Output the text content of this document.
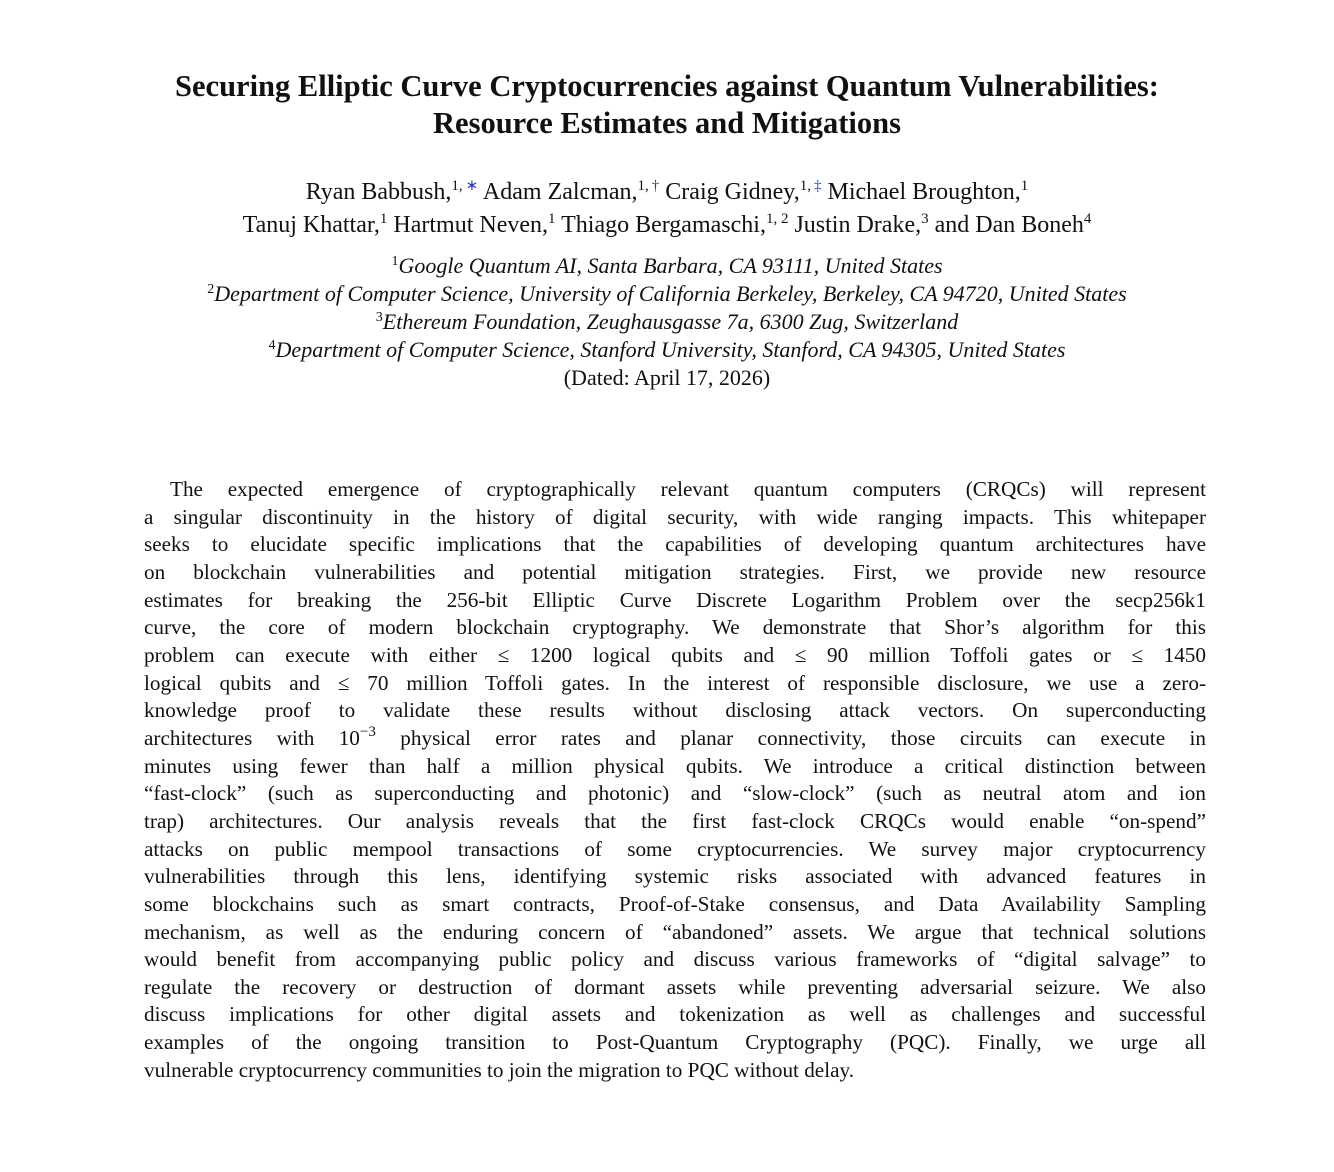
Securing Elliptic Curve Cryptocurrencies against Quantum Vulnerabilities:
Resource Estimates and Mitigations
Ryan Babbush,$^{1, ∗}$ Adam Zalcman,$^{1, \dagger}$ Craig Gidney,$^{1, \ddagger}$ Michael Broughton,$^1$
Tanuj Khattar,$^1$ Hartmut Neven,$^1$ Thiago Bergamaschi,$^{1, 2}$ Justin Drake,$^3$ and Dan Boneh$^4$
$^1$Google Quantum AI, Santa Barbara, CA 93111, United States
$^2$Department of Computer Science, University of California Berkeley, Berkeley, CA 94720, United States
$^3$Ethereum Foundation, Zeughausgasse 7a, 6300 Zug, Switzerland
$^4$Department of Computer Science, Stanford University, Stanford, CA 94305, United States
(Dated: April 17, 2026)
The expected emergence of cryptographically relevant quantum computers (CRQCs) will represent
a singular discontinuity in the history of digital security, with wide ranging impacts. This whitepaper
seeks to elucidate specific implications that the capabilities of developing quantum architectures have
on blockchain vulnerabilities and potential mitigation strategies. First, we provide new resource
estimates for breaking the 256-bit Elliptic Curve Discrete Logarithm Problem over the secp256k1
curve, the core of modern blockchain cryptography. We demonstrate that Shor’s algorithm for this
problem can execute with either ≤ 1200 logical qubits and ≤ 90 million Toffoli gates or ≤ 1450
logical qubits and ≤ 70 million Toffoli gates. In the interest of responsible disclosure, we use a zero-
knowledge proof to validate these results without disclosing attack vectors. On superconducting
architectures with $10^{-3}$ physical error rates and planar connectivity, those circuits can execute in
minutes using fewer than half a million physical qubits. We introduce a critical distinction between
“fast-clock” (such as superconducting and photonic) and “slow-clock” (such as neutral atom and ion
trap) architectures. Our analysis reveals that the first fast-clock CRQCs would enable “on-spend”
attacks on public mempool transactions of some cryptocurrencies. We survey major cryptocurrency
vulnerabilities through this lens, identifying systemic risks associated with advanced features in
some blockchains such as smart contracts, Proof-of-Stake consensus, and Data Availability Sampling
mechanism, as well as the enduring concern of “abandoned” assets. We argue that technical solutions
would benefit from accompanying public policy and discuss various frameworks of “digital salvage” to
regulate the recovery or destruction of dormant assets while preventing adversarial seizure. We also
discuss implications for other digital assets and tokenization as well as challenges and successful
examples of the ongoing transition to Post-Quantum Cryptography (PQC). Finally, we urge all
vulnerable cryptocurrency communities to join the migration to PQC without delay.
